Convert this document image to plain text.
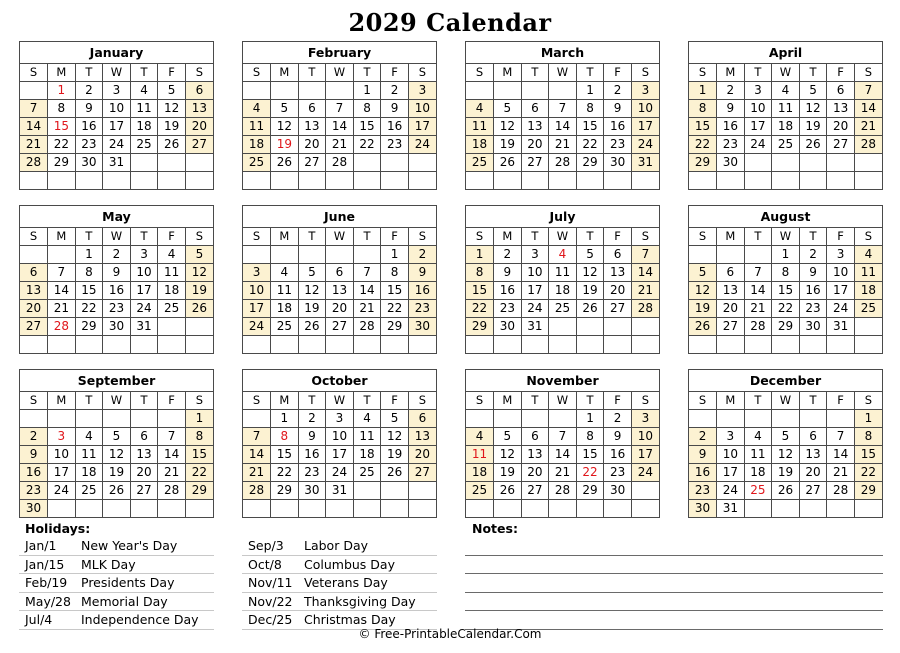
2029 Calendar
January
S	M	T	W	T	F	S
	1	2	3	4	5	6
7	8	9	10	11	12	13
14	15	16	17	18	19	20
21	22	23	24	25	26	27
28	29	30	31			

February
S	M	T	W	T	F	S
				1	2	3
4	5	6	7	8	9	10
11	12	13	14	15	16	17
18	19	20	21	22	23	24
25	26	27	28			

March
S	M	T	W	T	F	S
				1	2	3
4	5	6	7	8	9	10
11	12	13	14	15	16	17
18	19	20	21	22	23	24
25	26	27	28	29	30	31

April
S	M	T	W	T	F	S
1	2	3	4	5	6	7
8	9	10	11	12	13	14
15	16	17	18	19	20	21
22	23	24	25	26	27	28
29	30					

May
S	M	T	W	T	F	S
		1	2	3	4	5
6	7	8	9	10	11	12
13	14	15	16	17	18	19
20	21	22	23	24	25	26
27	28	29	30	31		

June
S	M	T	W	T	F	S
					1	2
3	4	5	6	7	8	9
10	11	12	13	14	15	16
17	18	19	20	21	22	23
24	25	26	27	28	29	30

July
S	M	T	W	T	F	S
1	2	3	4	5	6	7
8	9	10	11	12	13	14
15	16	17	18	19	20	21
22	23	24	25	26	27	28
29	30	31				

August
S	M	T	W	T	F	S
			1	2	3	4
5	6	7	8	9	10	11
12	13	14	15	16	17	18
19	20	21	22	23	24	25
26	27	28	29	30	31	

September
S	M	T	W	T	F	S
						1
2	3	4	5	6	7	8
9	10	11	12	13	14	15
16	17	18	19	20	21	22
23	24	25	26	27	28	29
30						
October
S	M	T	W	T	F	S
	1	2	3	4	5	6
7	8	9	10	11	12	13
14	15	16	17	18	19	20
21	22	23	24	25	26	27
28	29	30	31			

November
S	M	T	W	T	F	S
				1	2	3
4	5	6	7	8	9	10
11	12	13	14	15	16	17
18	19	20	21	22	23	24
25	26	27	28	29	30	

December
S	M	T	W	T	F	S
						1
2	3	4	5	6	7	8
9	10	11	12	13	14	15
16	17	18	19	20	21	22
23	24	25	26	27	28	29
30	31					
Holidays:
Jan/1 New Year's Day
Jan/15 MLK Day
Feb/19 Presidents Day
May/28 Memorial Day
Jul/4 Independence Day
Sep/3 Labor Day
Oct/8 Columbus Day
Nov/11 Veterans Day
Nov/22 Thanksgiving Day
Dec/25 Christmas Day
Notes:
© Free-PrintableCalendar.Com
